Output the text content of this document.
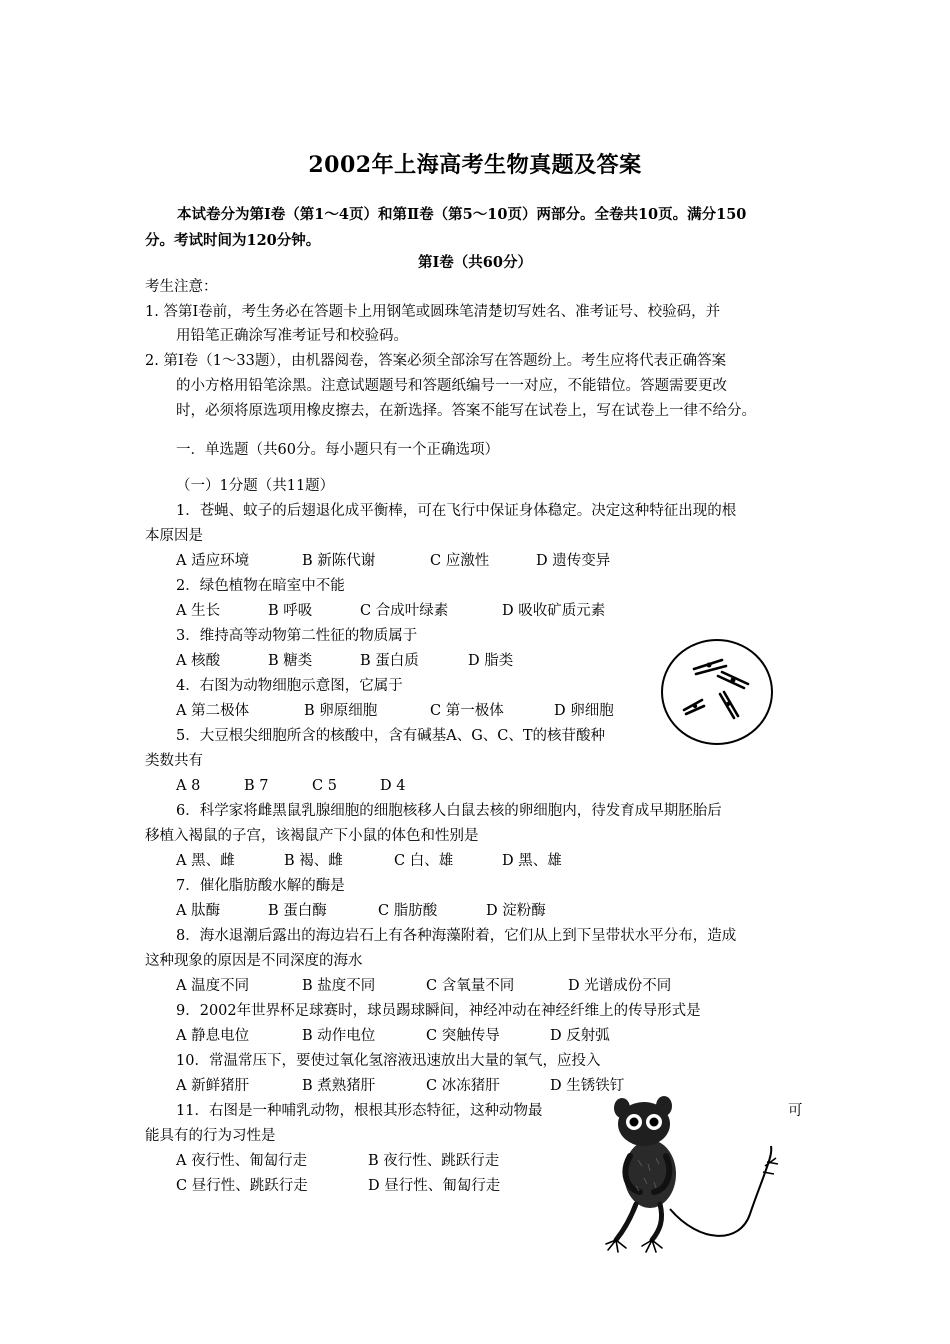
2002年上海高考生物真题及答案
本试卷分为第Ⅰ卷（第1～4页）和第Ⅱ卷（第5～10页）两部分。全卷共10页。满分150
分。考试时间为120分钟。
第Ⅰ卷（共60分）
考生注意：
1. 答第Ⅰ卷前，考生务必在答题卡上用钢笔或圆珠笔清楚切写姓名、准考证号、校验码，并
用铅笔正确涂写准考证号和校验码。
2. 第Ⅰ卷（1～33题），由机器阅卷，答案必须全部涂写在答题纷上。考生应将代表正确答案
的小方格用铅笔涂黑。注意试题题号和答题纸编号一一对应，不能错位。答题需要更改
时，必须将原选项用橡皮擦去，在新选择。答案不能写在试卷上，写在试卷上一律不给分。
一．单选题（共60分。每小题只有一个正确选项）
（一）1分题（共11题）
1．苍蝇、蚊子的后翅退化成平衡棒，可在飞行中保证身体稳定。决定这种特征出现的根
本原因是
A 适应环境	B 新陈代谢	C 应激性	D 遗传变异
2．绿色植物在暗室中不能
A 生长	B 呼吸	C 合成叶绿素	D 吸收矿质元素
3．维持高等动物第二性征的物质属于
A 核酸	B 糖类	B 蛋白质	D 脂类
4．右图为动物细胞示意图，它属于
A 第二极体	B 卵原细胞	C 第一极体	D 卵细胞
5．大豆根尖细胞所含的核酸中，含有碱基A、G、C、T的核苷酸种
类数共有
A 8	B 7	C 5	D 4
6．科学家将雌黑鼠乳腺细胞的细胞核移人白鼠去核的卵细胞内，待发育成早期胚胎后
移植入褐鼠的子宫，该褐鼠产下小鼠的体色和性别是
A 黑、雌	B 褐、雌	C 白、雄	D 黑、雄
7．催化脂肪酸水解的酶是
A 肽酶	B 蛋白酶	C 脂肪酸	D 淀粉酶
8．海水退潮后露出的海边岩石上有各种海藻附着，它们从上到下呈带状水平分布，造成
这种现象的原因是不同深度的海水
A 温度不同	B 盐度不同	C 含氧量不同	D 光谱成份不同
9．2002年世界杯足球赛时，球员踢球瞬间，神经冲动在神经纤维上的传导形式是
A 静息电位	B 动作电位	C 突触传导	D 反射弧
10．常温常压下，要使过氧化氢溶液迅速放出大量的氧气，应投入
A 新鲜猪肝	B 煮熟猪肝	C 冰冻猪肝	D 生锈铁钉
11．右图是一种哺乳动物，根根其形态特征，这种动物最	可
能具有的行为习性是
A 夜行性、匍匐行走	B 夜行性、跳跃行走
C 昼行性、跳跃行走	D 昼行性、匍匐行走
